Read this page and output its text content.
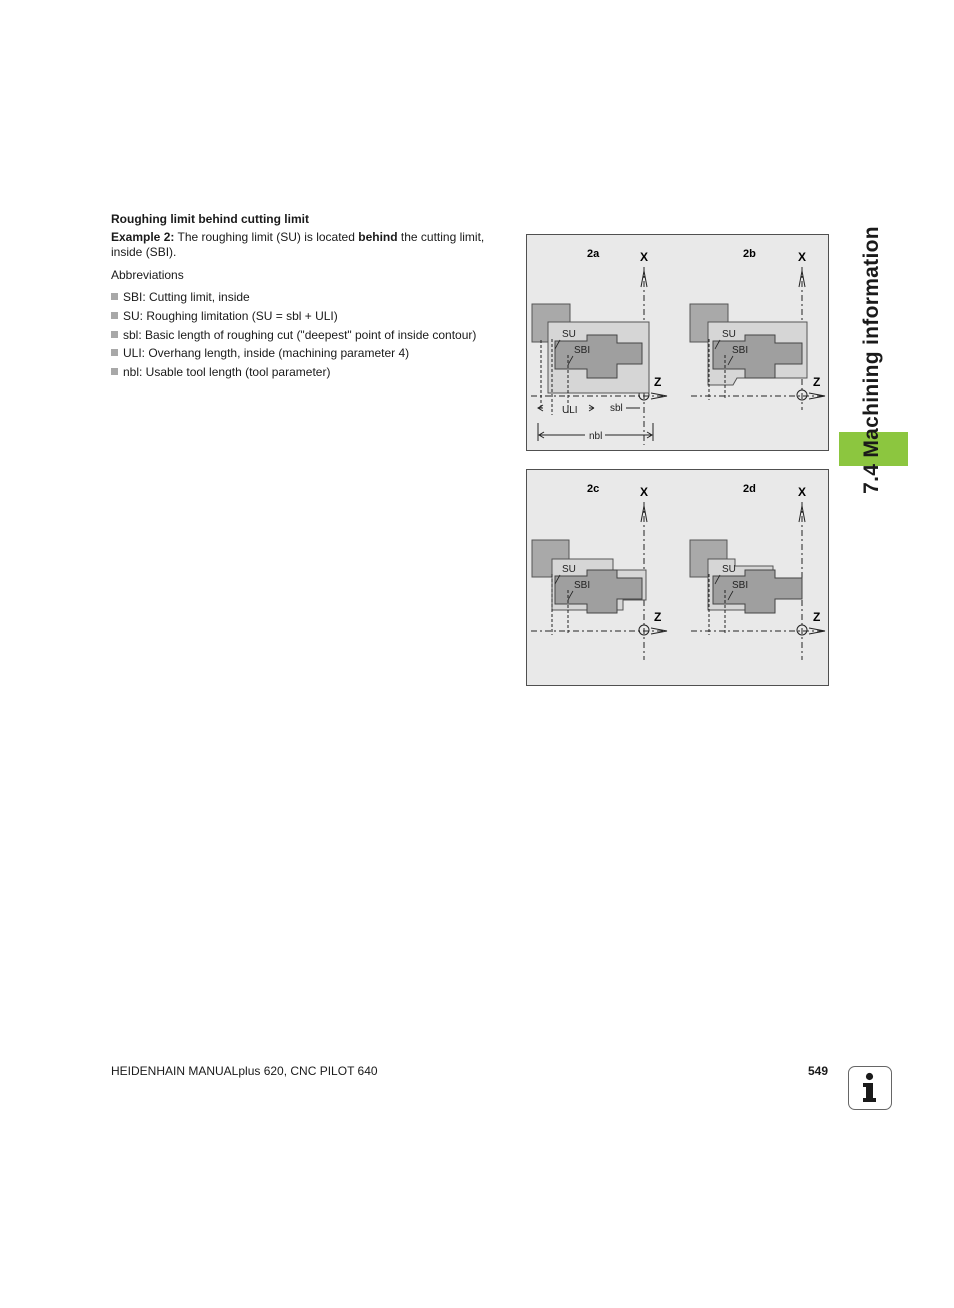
Roughing limit behind cutting limit
Example 2: The roughing limit (SU) is located behind the cutting limit, inside (SBI).
Abbreviations
SBI: Cutting limit, inside
SU: Roughing limitation (SU = sbl + ULI)
sbl: Basic length of roughing cut ("deepest" point of inside contour)
ULI: Overhang length, inside (machining parameter 4)
nbl: Usable tool length (tool parameter)
2a	X
Z
SU
SBI
ULI	sbl
nbl
2b	X
Z
SU
SBI
2c	X
Z
SU
SBI
2d	X
Z
SU
SBI
7.4 Machining information
HEIDENHAIN MANUALplus 620, CNC PILOT 640	549
